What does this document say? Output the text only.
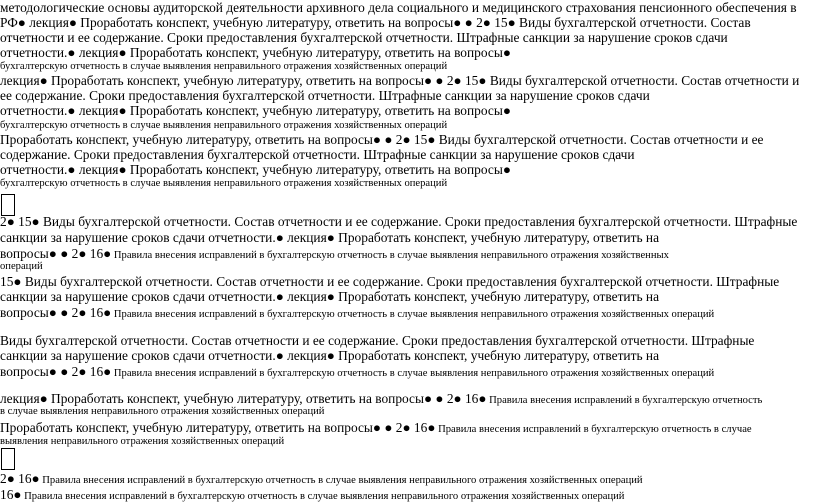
методологические основы аудиторской деятельности архивного дела социального и медицинского страхования пенсионного обеспечения в
РФ● лекция● Проработать конспект, учебную литературу, ответить на вопросы● ● 2● 15● Виды бухгалтерской отчетности. Состав
отчетности и ее содержание. Сроки предоставления бухгалтерской отчетности. Штрафные санкции за нарушение сроков сдачи
отчетности.● лекция● Проработать конспект, учебную литературу, ответить на вопросы●
бухгалтерскую отчетность в случае выявления неправильного отражения хозяйственных операций
лекция● Проработать конспект, учебную литературу, ответить на вопросы● ● 2● 15● Виды бухгалтерской отчетности. Состав отчетности и
ее содержание. Сроки предоставления бухгалтерской отчетности. Штрафные санкции за нарушение сроков сдачи
отчетности.● лекция● Проработать конспект, учебную литературу, ответить на вопросы●
бухгалтерскую отчетность в случае выявления неправильного отражения хозяйственных операций
Проработать конспект, учебную литературу, ответить на вопросы● ● 2● 15● Виды бухгалтерской отчетности. Состав отчетности и ее
содержание. Сроки предоставления бухгалтерской отчетности. Штрафные санкции за нарушение сроков сдачи
отчетности.● лекция● Проработать конспект, учебную литературу, ответить на вопросы●
бухгалтерскую отчетность в случае выявления неправильного отражения хозяйственных операций
2● 15● Виды бухгалтерской отчетности. Состав отчетности и ее содержание. Сроки предоставления бухгалтерской отчетности. Штрафные
санкции за нарушение сроков сдачи отчетности.● лекция● Проработать конспект, учебную литературу, ответить на
вопросы● ● 2● 16● Правила внесения исправлений в бухгалтерскую отчетность в случае выявления неправильного отражения хозяйственных
операций
15● Виды бухгалтерской отчетности. Состав отчетности и ее содержание. Сроки предоставления бухгалтерской отчетности. Штрафные
санкции за нарушение сроков сдачи отчетности.● лекция● Проработать конспект, учебную литературу, ответить на
вопросы● ● 2● 16● Правила внесения исправлений в бухгалтерскую отчетность в случае выявления неправильного отражения хозяйственных операций
Виды бухгалтерской отчетности. Состав отчетности и ее содержание. Сроки предоставления бухгалтерской отчетности. Штрафные
санкции за нарушение сроков сдачи отчетности.● лекция● Проработать конспект, учебную литературу, ответить на
вопросы● ● 2● 16● Правила внесения исправлений в бухгалтерскую отчетность в случае выявления неправильного отражения хозяйственных операций
лекция● Проработать конспект, учебную литературу, ответить на вопросы● ● 2● 16● Правила внесения исправлений в бухгалтерскую отчетность
в случае выявления неправильного отражения хозяйственных операций
Проработать конспект, учебную литературу, ответить на вопросы● ● 2● 16● Правила внесения исправлений в бухгалтерскую отчетность в случае
выявления неправильного отражения хозяйственных операций
2● 16● Правила внесения исправлений в бухгалтерскую отчетность в случае выявления неправильного отражения хозяйственных операций
16● Правила внесения исправлений в бухгалтерскую отчетность в случае выявления неправильного отражения хозяйственных операций
